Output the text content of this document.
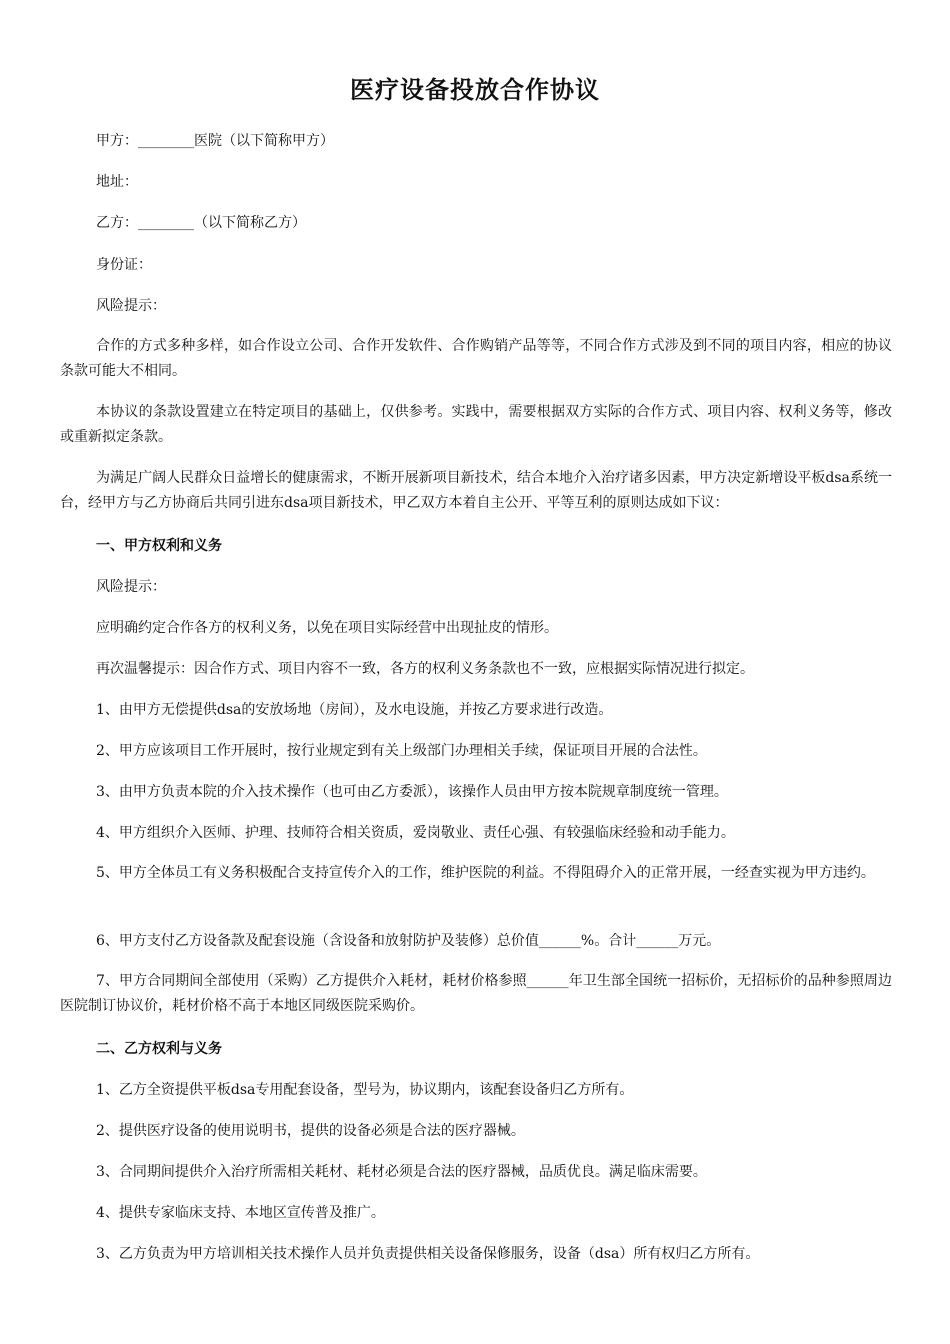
医疗设备投放合作协议
甲方：________医院（以下简称甲方）
地址：
乙方：________（以下简称乙方）
身份证：
风险提示：
合作的方式多种多样，如合作设立公司、合作开发软件、合作购销产品等等，不同合作方式涉及到不同的项目内容，相应的协议条款可能大不相同。
本协议的条款设置建立在特定项目的基础上，仅供参考。实践中，需要根据双方实际的合作方式、项目内容、权利义务等，修改或重新拟定条款。
为满足广阔人民群众日益增长的健康需求，不断开展新项目新技术，结合本地介入治疗诸多因素，甲方决定新增设平板dsa系统一台，经甲方与乙方协商后共同引进东dsa项目新技术，甲乙双方本着自主公开、平等互利的原则达成如下议：
一、甲方权利和义务
风险提示：
应明确约定合作各方的权利义务，以免在项目实际经营中出现扯皮的情形。
再次温馨提示：因合作方式、项目内容不一致，各方的权利义务条款也不一致，应根据实际情况进行拟定。
1、由甲方无偿提供dsa的安放场地（房间），及水电设施，并按乙方要求进行改造。
2、甲方应该项目工作开展时，按行业规定到有关上级部门办理相关手续，保证项目开展的合法性。
3、由甲方负责本院的介入技术操作（也可由乙方委派），该操作人员由甲方按本院规章制度统一管理。
4、甲方组织介入医师、护理、技师符合相关资质，爱岗敬业、责任心强、有较强临床经验和动手能力。
5、甲方全体员工有义务积极配合支持宣传介入的工作，维护医院的利益。不得阻碍介入的正常开展，一经查实视为甲方违约。
6、甲方支付乙方设备款及配套设施（含设备和放射防护及装修）总价值______%。合计______万元。
7、甲方合同期间全部使用（采购）乙方提供介入耗材，耗材价格参照______年卫生部全国统一招标价，无招标价的品种参照周边医院制订协议价，耗材价格不高于本地区同级医院采购价。
二、乙方权利与义务
1、乙方全资提供平板dsa专用配套设备，型号为，协议期内，该配套设备归乙方所有。
2、提供医疗设备的使用说明书，提供的设备必须是合法的医疗器械。
3、合同期间提供介入治疗所需相关耗材、耗材必须是合法的医疗器械，品质优良。满足临床需要。
4、提供专家临床支持、本地区宣传普及推广。
3、乙方负责为甲方培训相关技术操作人员并负责提供相关设备保修服务，设备（dsa）所有权归乙方所有。
